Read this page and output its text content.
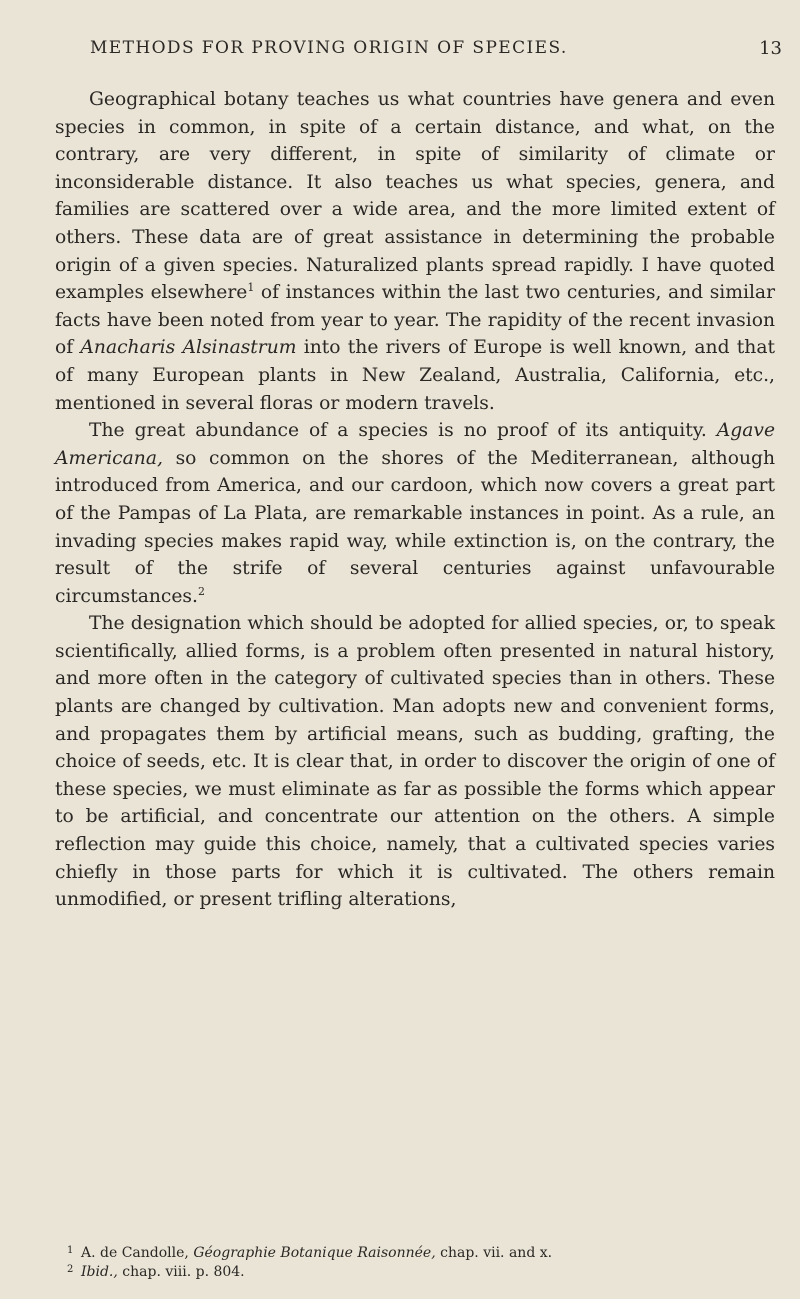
METHODS FOR PROVING ORIGIN OF SPECIES.	13

Geographical botany teaches us what countries have genera and even species in common, in spite of a certain distance, and what, on the contrary, are very different, in spite of similarity of climate or inconsiderable distance. It also teaches us what species, genera, and families are scattered over a wide area, and the more limited extent of others. These data are of great assistance in determining the probable origin of a given species. Naturalized plants spread rapidly. I have quoted examples elsewhere$^1$ of instances within the last two centuries, and similar facts have been noted from year to year. The rapidity of the recent invasion of Anacharis Alsinastrum into the rivers of Europe is well known, and that of many European plants in New Zealand, Australia, California, etc., mentioned in several floras or modern travels.

The great abundance of a species is no proof of its antiquity. Agave Americana, so common on the shores of the Mediterranean, although introduced from America, and our cardoon, which now covers a great part of the Pampas of La Plata, are remarkable instances in point. As a rule, an invading species makes rapid way, while extinction is, on the contrary, the result of the strife of several centuries against unfavourable circumstances.$^2$

The designation which should be adopted for allied species, or, to speak scientifically, allied forms, is a problem often presented in natural history, and more often in the category of cultivated species than in others. These plants are changed by cultivation. Man adopts new and convenient forms, and propagates them by artificial means, such as budding, grafting, the choice of seeds, etc. It is clear that, in order to discover the origin of one of these species, we must eliminate as far as possible the forms which appear to be artificial, and concentrate our attention on the others. A simple reflection may guide this choice, namely, that a cultivated species varies chiefly in those parts for which it is cultivated. The others remain unmodified, or present trifling alterations,

1 A. de Candolle, Géographie Botanique Raisonnée, chap. vii. and x.

2 Ibid., chap. viii. p. 804.
